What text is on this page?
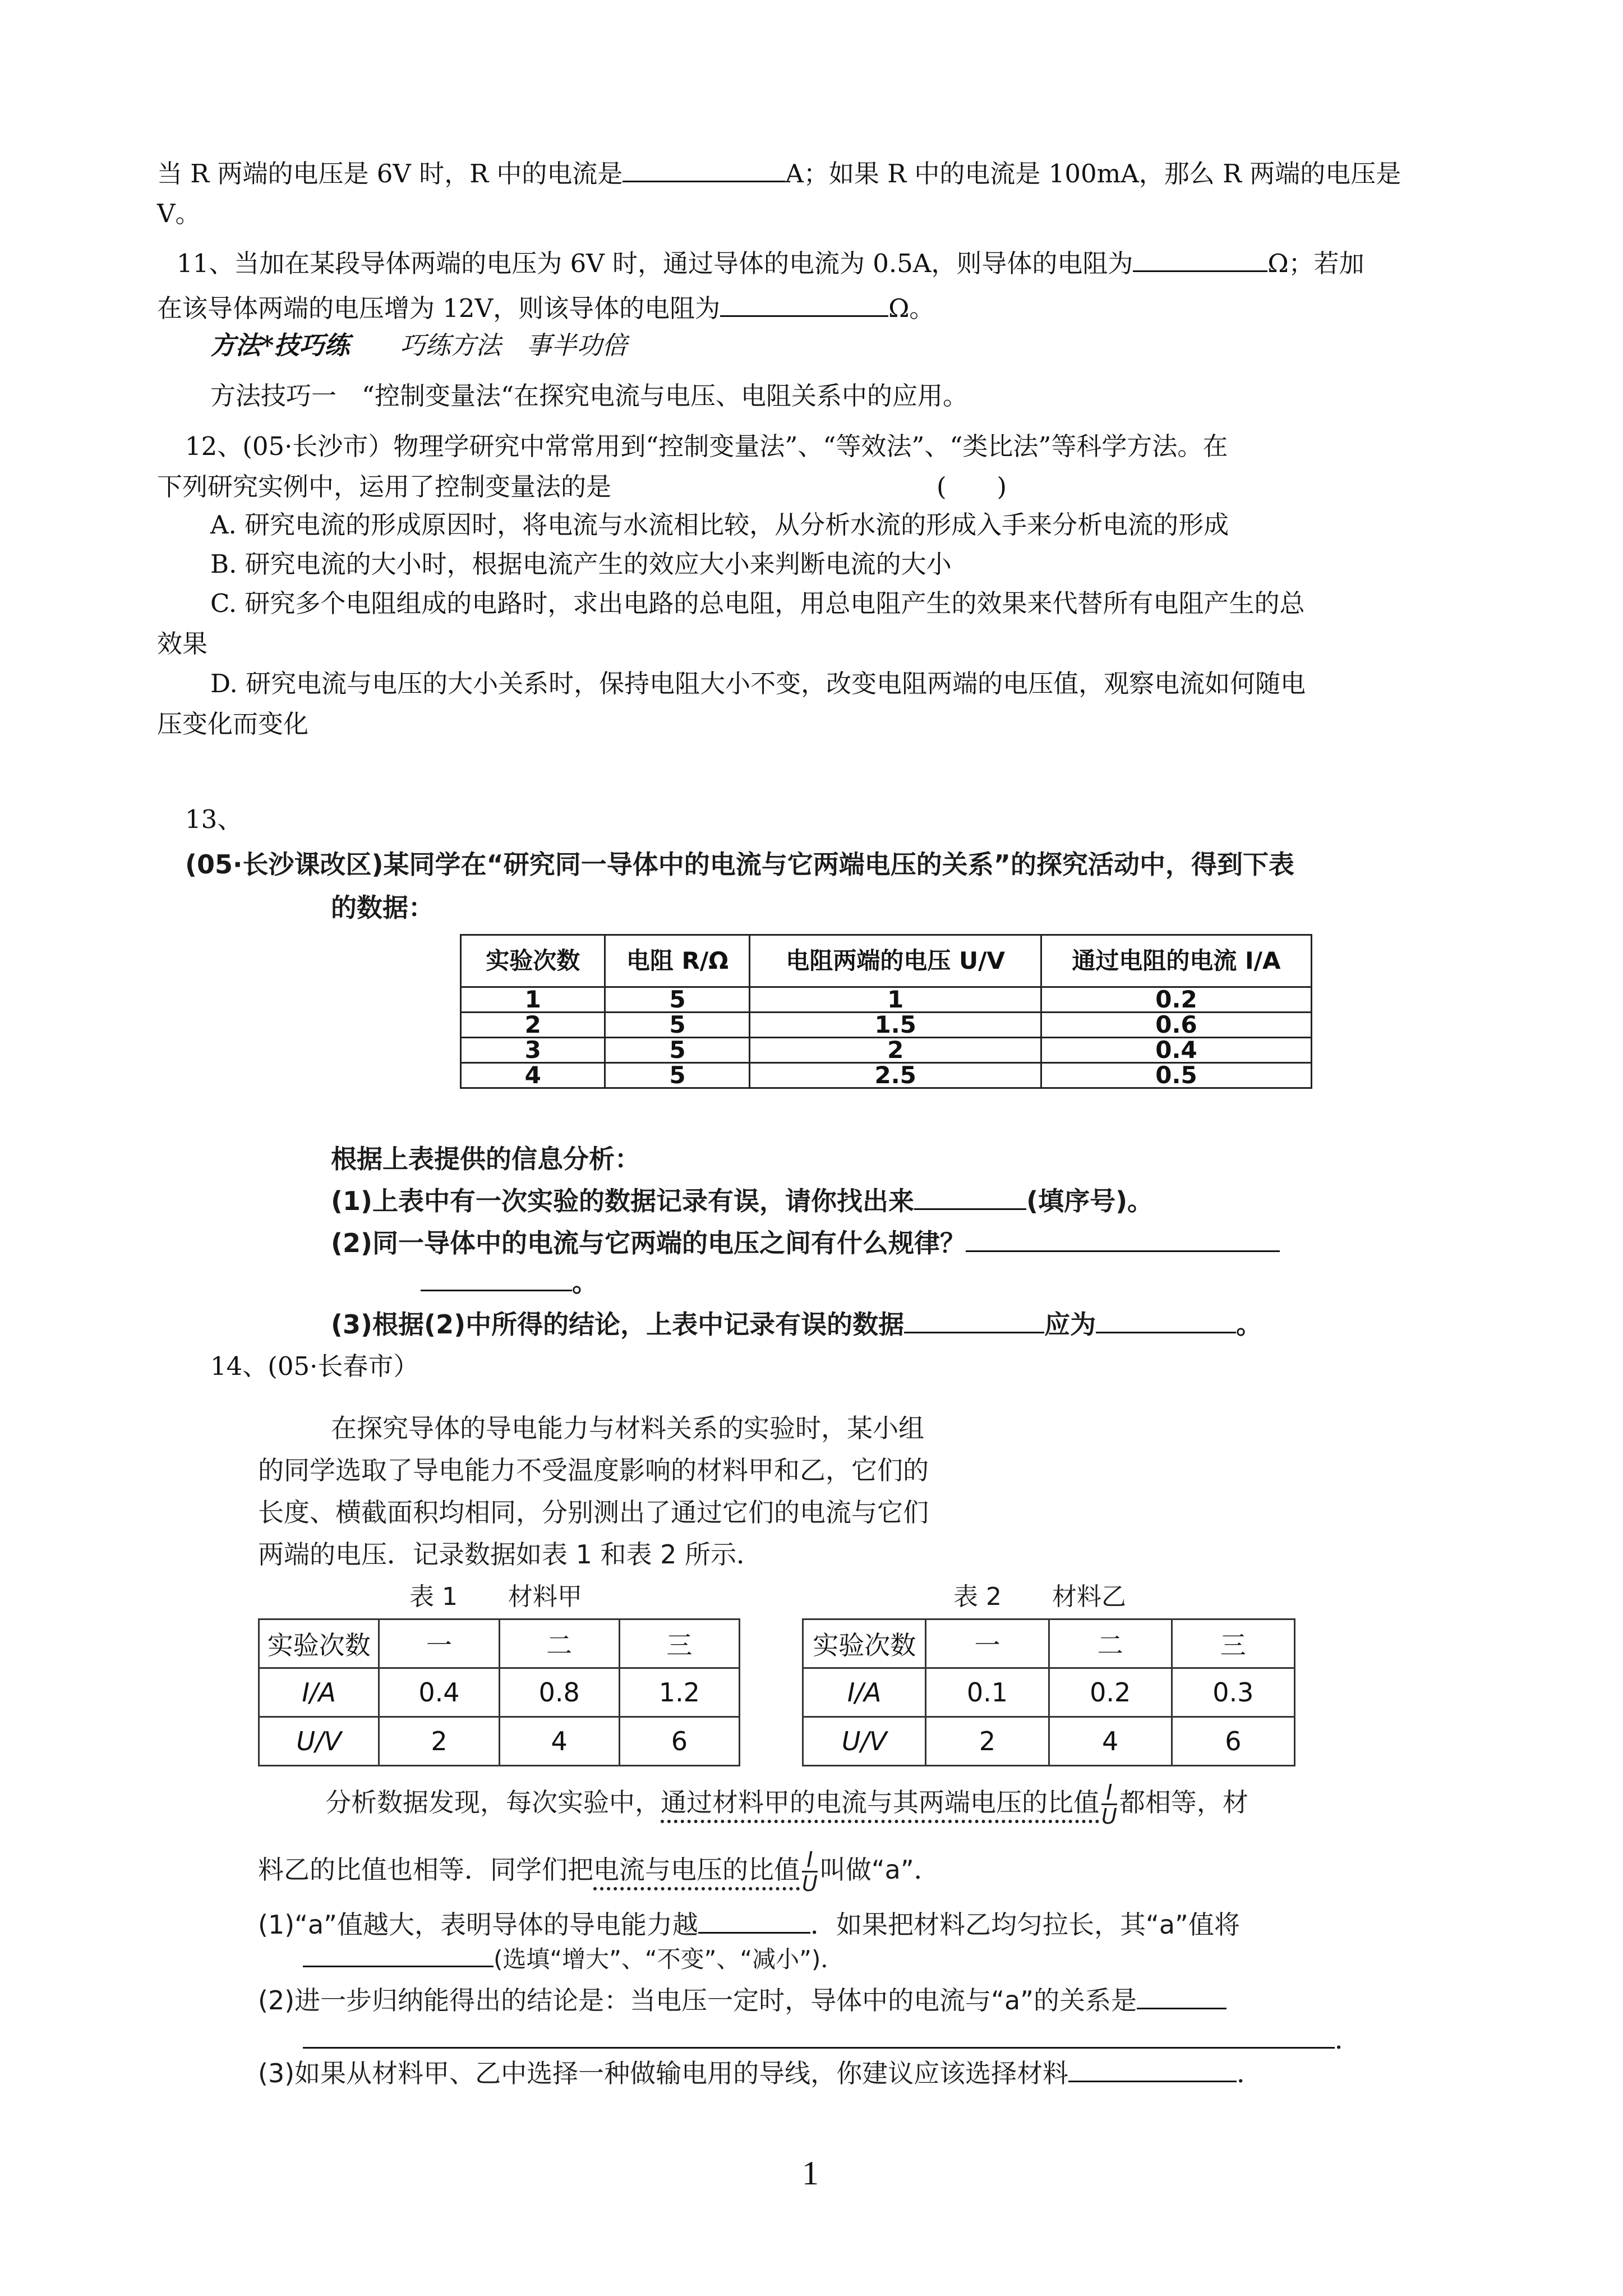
当 R 两端的电压是 6V 时，R 中的电流是	A；如果 R 中的电流是 100mA，那么 R 两端的电压是
V。
11、当加在某段导体两端的电压为 6V 时，通过导体的电流为 0.5A，则导体的电阻为	Ω；若加
在该导体两端的电压增为 12V，则该导体的电阻为	Ω。
方法*技巧练 巧练方法　事半功倍
方法技巧一　“控制变量法“在探究电流与电压、电阻关系中的应用。
12、(05·长沙市）物理学研究中常常用到“控制变量法”、“等效法”、“类比法”等科学方法。在
下列研究实例中，运用了控制变量法的是	(　　)
A. 研究电流的形成原因时，将电流与水流相比较，从分析水流的形成入手来分析电流的形成
B. 研究电流的大小时，根据电流产生的效应大小来判断电流的大小
C. 研究多个电阻组成的电路时，求出电路的总电阻，用总电阻产生的效果来代替所有电阻产生的总
效果
D. 研究电流与电压的大小关系时，保持电阻大小不变，改变电阻两端的电压值，观察电流如何随电
压变化而变化
13、
(05·长沙课改区)某同学在“研究同一导体中的电流与它两端电压的关系”的探究活动中，得到下表
的数据：
实验次数	电阻 R/Ω	电阻两端的电压 U/V	通过电阻的电流 I/A
1	5	1	0.2
2	5	1.5	0.6
3	5	2	0.4
4	5	2.5	0.5
根据上表提供的信息分析：
(1)上表中有一次实验的数据记录有误，请你找出来	(填序号)。
(2)同一导体中的电流与它两端的电压之间有什么规律？
。
(3)根据(2)中所得的结论，上表中记录有误的数据	应为	。
14、(05·长春市）
在探究导体的导电能力与材料关系的实验时，某小组
的同学选取了导电能力不受温度影响的材料甲和乙，它们的
长度、横截面积均相同，分别测出了通过它们的电流与它们
两端的电压．记录数据如表 1 和表 2 所示．
表 1 材料甲	表 2 材料乙
实验次数	一	二	三
I/A	0.4	0.8	1.2
U/V	2	4	6
实验次数	一	二	三
I/A	0.1	0.2	0.3
U/V	2	4	6
分析数据发现，每次实验中，通过材料甲的电流与其两端电压的比值 $\frac{I}{U}$ 都相等，材
料乙的比值也相等．同学们把电流与电压的比值 $\frac{I}{U}$ 叫做“a”．
(1)“a”值越大，表明导体的导电能力越	．如果把材料乙均匀拉长，其“a”值将
(选填“增大”、“不变”、“减小”)．
(2)进一步归纳能得出的结论是：当电压一定时，导体中的电流与“a”的关系是
．
(3)如果从材料甲、乙中选择一种做输电用的导线，你建议应该选择材料	．
1
